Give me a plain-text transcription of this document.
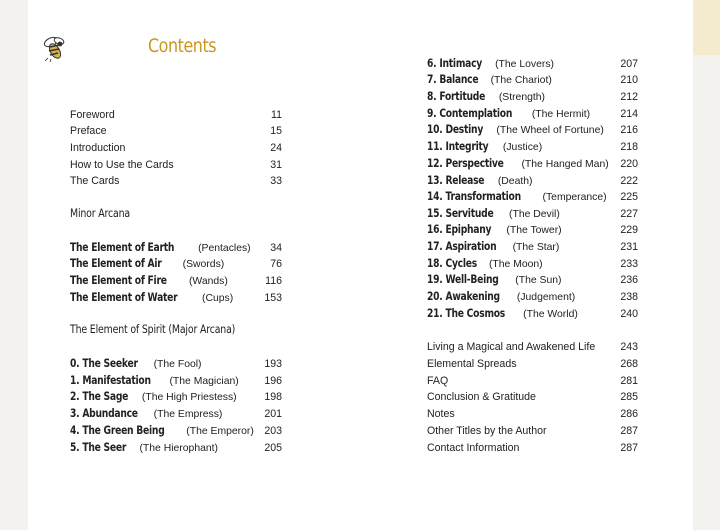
Contents
Foreword	11
Preface	15
Introduction	24
How to Use the Cards	31
The Cards	33
Minor Arcana
The Element of Earth (Pentacles) 34
The Element of Air (Swords)	76
The Element of Fire (Wands)	116
The Element of Water (Cups)	153
The Element of Spirit (Major Arcana)
0. The Seeker (The Fool)	193
1. Manifestation (The Magician) 196
2. The Sage (The High Priestess)	198
3. Abundance (The Empress)	201
4. The Green Being (The Emperor) 203
5. The Seer (The Hierophant)	205
6. Intimacy (The Lovers)	207
7. Balance (The Chariot)	210
8. Fortitude (Strength)	212
9. Contemplation (The Hermit)	214
10. Destiny (The Wheel of Fortune) 216
11. Integrity (Justice)	218
12. Perspective (The Hanged Man) 220
13. Release (Death)	222
14. Transformation (Temperance) 225
15. Servitude (The Devil)	227
16. Epiphany (The Tower)	229
17. Aspiration (The Star)	231
18. Cycles (The Moon)	233
19. Well-Being (The Sun)	236
20. Awakening (Judgement)	238
21. The Cosmos (The World)	240
Living a Magical and Awakened Life 243
Elemental Spreads	268
FAQ	281
Conclusion & Gratitude	285
Notes	286
Other Titles by the Author	287
Contact Information	287
